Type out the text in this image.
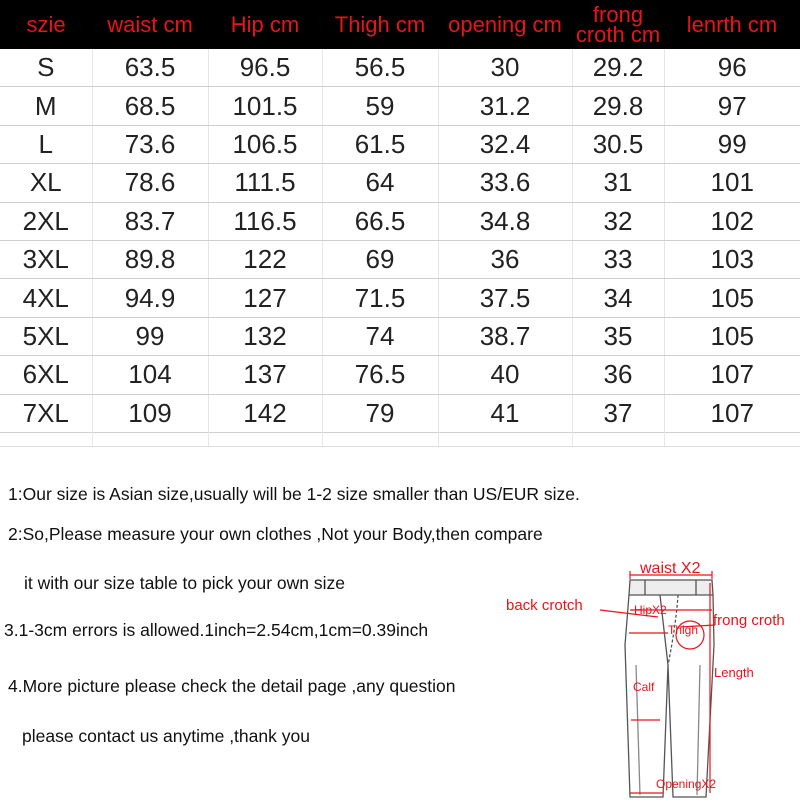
szie	waist cm	Hip cm	Thigh cm	opening cm	frong croth cm	lenrth cm
S	63.5	96.5	56.5	30	29.2	96
M	68.5	101.5	59	31.2	29.8	97
L	73.6	106.5	61.5	32.4	30.5	99
XL	78.6	111.5	64	33.6	31	101
2XL	83.7	116.5	66.5	34.8	32	102
3XL	89.8	122	69	36	33	103
4XL	94.9	127	71.5	37.5	34	105
5XL	99	132	74	38.7	35	105
6XL	104	137	76.5	40	36	107
7XL	109	142	79	41	37	107
1:Our size is Asian size,usually will be 1-2 size smaller than US/EUR size.
2:So,Please measure your own clothes ,Not your Body,then compare
it with our size table to pick your own size
3.1-3cm errors is allowed.1inch=2.54cm,1cm=0.39inch
4.More picture please check the detail page ,any question
please contact us anytime ,thank you
waist X2
back crotch	HipX2
frong croth
Thigh
Length
Calf
OpeningX2
